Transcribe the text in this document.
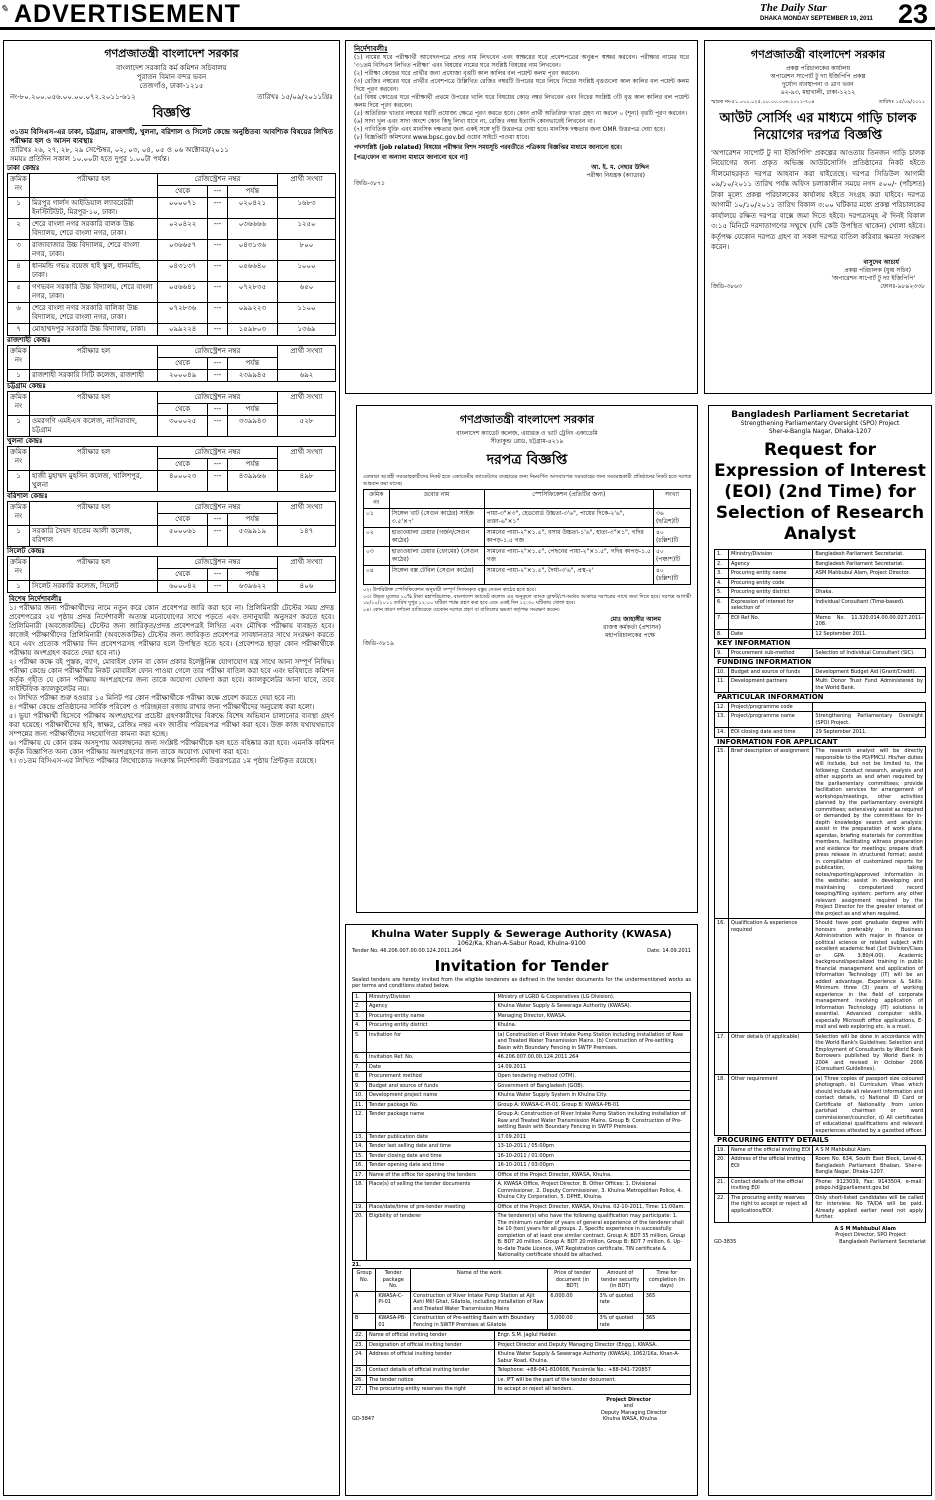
✎ ADVERTISEMENT	The Daily Star
DHAKA MONDAY SEPTEMBER 19, 2011 23
গণপ্রজাতন্ত্রী বাংলাদেশ সরকার
বাংলাদেশ সরকারি কর্ম কমিশন সচিবালয়
পুরাতন বিমান বন্দর ভবন
তেজগাঁও, ঢাকা-১২১৫
নং-৮০.২০০.০৫৬.০০.০০.০৭২.২০১১-৬১২	তারিখঃ ১৫/০৯/২০১১খ্রিঃ
বিজ্ঞপ্তি
৩১তম বিসিএস-এর ঢাকা, চট্টগ্রাম, রাজশাহী, খুলনা, বরিশাল ও সিলেট কেন্দ্রে অনুষ্ঠিতব্য আবশ্যিক বিষয়ের লিখিত পরীক্ষার হল ও আসন ব্যবস্থাঃ
তারিখঃ ২৬, ২৭, ২৮, ২৯ সেপ্টেম্বর, ০২, ০৩, ০৪, ০৫ ও ০৬ অক্টোবর/২০১১
সময়ঃ প্রতিদিন সকাল ১০.০০টা হতে দুপুর ১.০০টা পর্যন্ত।
ঢাকা কেন্দ্রঃ
ক্রমিক নং	পরীক্ষার হল	রেজিস্ট্রেশন নম্বর			প্রার্থী সংখ্যা
		থেকে	---	পর্যন্ত	
১	মিরপুর গার্লস আইডিয়াল ল্যাবরেটরী ইনস্টিটিউট, মিরপুর-১০, ঢাকা।	০০০০৭১	---	০২০৪২১	১৬৮৩
২	শেরে বাংলা নগর সরকারি বালক উচ্চ বিদ্যালয়, শেরে বাংলা নগর, ঢাকা।	০২০৪২২	---	০৩৬৬৬৬	১২৫০
৩	রাজাবাজার উচ্চ বিদ্যালয়, শেরে বাংলা নগর, ঢাকা।	০৩৬৬৫৭	---	০৪৩১৩৬	৮০০
৪	ধানমন্ডি গভঃ বয়েজ হাই স্কুল, ধানমন্ডি, ঢাকা।	০৪৩১৩৭	---	০৫৬৬৪০	১০০০
৫	গণভবন সরকারি উচ্চ বিদ্যালয়, শেরে বাংলা নগর, ঢাকা।	০৫৬৬৪১	---	০৭২৮৩৫	৬৫০
৬	শেরে বাংলা নগর সরকারি বালিকা উচ্চ বিদ্যালয়, শেরে বাংলা নগর, ঢাকা।	০৭২৮৩৬	---	০৯৯২২৩	১১০০
৭	মোহাম্মদপুর সরকারি উচ্চ বিদ্যালয়, ঢাকা।	০৯৯২২৪	---	১৫৯৮০৩	১৩৬৯
রাজশাহী কেন্দ্রঃ
ক্রমিক নং	পরীক্ষার হল	রেজিস্ট্রেশন নম্বর			প্রার্থী সংখ্যা
		থেকে	---	পর্যন্ত	
১	রাজশাহী সরকারি সিটি কলেজ, রাজশাহী	২০০০৪৯	---	২৩৯৯৪৫	৬৯২
চট্টগ্রাম কেন্দ্রঃ
ক্রমিক নং	পরীক্ষার হল	রেজিস্ট্রেশন নম্বর			প্রার্থী সংখ্যা
		থেকে	---	পর্যন্ত	
১	ওমরগণি এমইএস কলেজ, নাসিরাবাদ, চট্টগ্রাম	৩০০০২৫	---	৩৩৯৯৪৩	৫২৮
খুলনা কেন্দ্রঃ
ক্রমিক নং	পরীক্ষার হল	রেজিস্ট্রেশন নম্বর			প্রার্থী সংখ্যা
		থেকে	---	পর্যন্ত	
১	হাজী মুহাম্মদ মুহসিন কলেজ, খালিশপুর, খুলনা	৪০০০২৩	---	৪৩৯৯৬৬	৪৯৮
বরিশাল কেন্দ্রঃ
ক্রমিক নং	পরীক্ষার হল	রেজিস্ট্রেশন নম্বর			প্রার্থী সংখ্যা
		থেকে	---	পর্যন্ত	
১	সরকারি সৈয়দ হাতেম আলী কলেজ, বরিশাল	৫০০০৬১	---	৫৩৯৯১৯	১৪৭
সিলেট কেন্দ্রঃ
ক্রমিক নং	পরীক্ষার হল	রেজিস্ট্রেশন নম্বর			প্রার্থী সংখ্যা
		থেকে	---	পর্যন্ত	
১	সিলেট সরকারি কলেজ, সিলেট	৬০০০৪২	---	৬৩৯৬২২	৪০৬
বিশেষ নির্দেশাবলীঃ
১। পরীক্ষার জন্য পরীক্ষার্থীদের নামে নতুন করে কোন প্রবেশপত্র জারি করা হবে না। প্রিলিমিনারী টেস্টের সময় প্রদত্ত প্রবেশপত্রের ২য় পৃষ্ঠায় প্রদত্ত নির্দেশাবলী অত্যন্ত মনোযোগের সাথে পড়তে এবং তদানুযায়ী অনুসরণ করতে হবে। প্রিলিমিনারী (অবজেকটিভ) টেস্টের জন্য জারিকৃত/প্রদত্ত প্রবেশপত্রই লিখিত এবং মৌখিক পরীক্ষায় ব্যবহৃত হবে। কাজেই পরীক্ষার্থীদের প্রিলিমিনারী (অবজেকটিভ) টেস্টের জন্য জারিকৃত প্রবেশপত্র সাবধানতার সাথে সংরক্ষণ করতে হবে এবং প্রত্যেক পরীক্ষার দিন প্রবেশপত্রসহ পরীক্ষার হলে উপস্থিত হতে হবে। (প্রবেশপত্র ছাড়া কোন পরীক্ষার্থীকে পরীক্ষায় অংশগ্রহণ করতে দেয়া হবে না।)
২। পরীক্ষা কক্ষে বই পুস্তক, ব্যাগ, মোবাইল ফোন বা কোন প্রকার ইলেক্ট্রনিক্স যোগাযোগ যন্ত্র সাথে আনা সম্পূর্ণ নিষিদ্ধ। পরীক্ষা কেন্দ্রে কোন পরীক্ষার্থীর নিকট মোবাইল ফোন পাওয়া গেলে তার পরীক্ষা বাতিল করা হবে এবং ভবিষ্যতে কমিশন কর্তৃক গৃহীত যে কোন পরীক্ষায় অংশগ্রহণের জন্য তাকে অযোগ্য ঘোষণা করা হবে। ক্যালকুলেটর আনা যাবে, তবে সাইন্টিফিক ক্যালকুলেটর নয়।
৩। লিখিত পরীক্ষা শুরু হওয়ার ১৫ মিনিট পর কোন পরীক্ষার্থীকে পরীক্ষা কক্ষে প্রবেশ করতে দেয়া হবে না।
৪। পরীক্ষা কেন্দ্রে প্রতিষ্ঠানের সার্বিক পরিবেশ ও পরিচ্ছন্নতা বজায় রাখার জন্য পরীক্ষার্থীদের অনুরোধ করা হলো।
৫। ভুয়া পরীক্ষার্থী হিসেবে পরীক্ষায় অংশগ্রহণের প্রচেষ্টা গ্রহণকারীদের বিরুদ্ধে বিশেষ অভিযান চালানোর ব্যবস্থা গ্রহণ করা হয়েছে। পরীক্ষার্থীদের ছবি, স্বাক্ষর, রেজিঃ নম্বর এবং জাতীয় পরিচয়পত্র পরীক্ষা করা হবে। উক্ত কাজ যথাযথভাবে সম্পন্নের জন্য পরীক্ষার্থীদের সহযোগিতা কামনা করা হচ্ছে।
৬। পরীক্ষায় যে কোন রকম অসদুপায় অবলম্বনের জন্য সংশ্লিষ্ট পরীক্ষার্থীকে হল হতে বহিষ্কার করা হবে। এমনকি কমিশন কর্তৃক বিজ্ঞাপিত অন্য কোন পরীক্ষায় অংশগ্রহণের জন্য তাকে অযোগ্য ঘোষণা করা হবে।
৭। ৩১তম বিসিএস-এর লিখিত পরীক্ষার লিখোকোড সংক্রান্ত নির্দেশাবলী উত্তরপত্রের ১ম পৃষ্ঠায় প্রিন্টকৃত রয়েছে।
নির্দেশাবলীঃ
(১) নামের ঘরে পরীক্ষার্থী আবেদনপত্রে প্রদত্ত নাম লিখবেন এবং স্বাক্ষরের ঘরে প্রবেশপত্রের অনুরূপ স্বাক্ষর করবেন। পরীক্ষার নামের ঘরে '৩১তম বিসিএস লিখিত পরীক্ষা' এবং বিষয়ের নামের ঘরে সংশ্লিষ্ট বিষয়ের নাম লিখবেন।
(২) পরীক্ষা কেন্দ্রের ঘরে প্রার্থীর জন্য প্রযোজ্য বৃত্তটি কাল কালির বল পয়েন্ট কলম পূরণ করবেন।
(৩) রেজিঃ নম্বরের ঘরে প্রার্থীর প্রবেশপত্রে উল্লিখিত রেজিঃ নম্বরটি উপরের ঘরে লিখে নিচের সংশ্লিষ্ট বৃত্তগুলো কাল কালির বল পয়েন্ট কলম দিয়ে পূরণ করবেন।
(৪) বিষয় কোডের ঘরে পরীক্ষার্থী প্রথমে উপরের খালি ঘরে বিষয়ের কোড নম্বর লিখবেন এবং নিচের সংশ্লিষ্ট ৩টি বৃত্ত কাল কালির বল পয়েন্ট কলম দিয়ে পূরণ করবেন।
(৫) অতিরিক্ত খাতার নম্বরের ঘরটি প্রযোজ্য ক্ষেত্রে পূরণ করতে হবে। কোন প্রার্থী অতিরিক্ত খাতা গ্রহণ না করলে ০ (শূন্য) বৃত্তটি পূরণ করবেন।
(৬) সাদা খুল এবং সাদা অংশে কোন কিছু লিখা যাবে না, রেজিঃ নম্বর ইত্যাদি কোনভাবেই লিখবেন না।
(৭) গাণিতিক যুক্তি এবং মানসিক দক্ষতার জন্য একই সঙ্গে দুটি উত্তরপত্র দেয়া হবে। মানসিক দক্ষতার জন্য OMR উত্তরপত্র দেয়া হবে।
(৮) বিজ্ঞপ্তিটি কমিশনের www.bpsc.gov.bd ওয়েব সাইটে পাওয়া যাবে।
পদসংশ্লিষ্ট (job related) বিষয়ের পরীক্ষার বিশদ সময়সূচি পরবর্তীতে পত্রিকায় বিজ্ঞপ্তির মাধ্যমে জানানো হবে।
[পত্র/ফোন বা অন্যান্য মাধ্যমে জানানো হবে না]
আ. ই. ম. নেছার উদ্দিন
পরীক্ষা নিয়ন্ত্রক (ক্যাডার)
জিডি-৩৮৭১
গণপ্রজাতন্ত্রী বাংলাদেশ সরকার
প্রকল্প পরিচালকের কার্যালয়
অপারেশন সাপোর্ট টু দ্যা ইজিপিপি প্রকল্প
দুর্যোগ ব্যবস্থাপনা ও ত্রাণ ভবন
৯২-৯৩, মহাখালী, ঢাকা-১২১২
স্মারক নং-৫১.০০০.০২৫.০০.০০.০০৬.২০১১-৭০৪	তারিখঃ ১৫/০৯/২০১১
আউট সোর্সিং এর মাধ্যমে গাড়ি চালক নিয়োগের দরপত্র বিজ্ঞপ্তি
'অপারেশন সাপোর্ট টু দ্যা ইজিপিপি' প্রকল্পের আওতায় তিনজন গাড়ি চালক নিয়োগের জন্য প্রকৃত অভিজ্ঞ আউটসোর্সিং প্রতিষ্ঠানের নিকট হইতে সীলমোহরকৃত দরপত্র আহবান করা যাইতেছে। দরপত্র সিডিউল আগামী ০৯/১০/২০১১ তারিখ পর্যন্ত অফিস চলাকালীন সময়ে নগদ ৫০০/- (পাঁচশত) টাকা মূল্যে প্রকল্প পরিচালকের কার্যালয় হইতে সংগ্রহ করা যাইবে। দরপত্র আগামী ১০/১০/২০১১ তারিখ বিকাল ৩:০০ ঘটিকার মধ্যে প্রকল্প পরিচালকের কার্যালয়ে রক্ষিত দরপত্র বাক্সে জমা দিতে হইবে। দরপত্রসমূহ ঐ দিনই বিকাল ৩:১৫ মিনিটে দরদাতাগণের সম্মুখে (যদি কেউ উপস্থিত থাকেন) খোলা হইবে। কর্তৃপক্ষ যেকোন দরপত্র গ্রহণ বা সকল দরপত্র বাতিল করিবার ক্ষমতা সংরক্ষণ করেন।
বাসুদেব আচার্য
প্রকল্প পরিচালক (যুগ্ম সচিব)
'অপারেশন সাপোর্ট টু দ্যা ইজিপিপি'
জিডি-৩৮৬৩	ফোনঃ-৯৮৯২৩৩৮
গণপ্রজাতন্ত্রী বাংলাদেশ সরকার
বাংলাদেশ ক্যাডেট কলেজ, এয়ারক্র ও ভাট ট্রেনিং একাডেমি
সীতাকুন্ড রোড, চট্টগ্রাম-৪২১৯
দরপত্র বিজ্ঞপ্তি
এতদ্বারা আগ্রহী সরবরাহকারীদের নিকট হতে একাডেমীর ক্যাডেটদের ব্যবহারের জন্য নিম্নবর্ণিত আসবাবপত্র সরবরাহের জন্য সরবরাহকারী প্রতিষ্ঠানের নিকট হতে দরপত্র আহবান করা যাচ্ছে।
ক্রমিক নং	দ্রব্যের নাম	স্পেসিফিকেশন (প্রতিটির জন্য)	সংখ্যা
০১	সিঙ্গেল খাট (সেগুন কাঠের) সাইজ ৩.৫'×৭'	পায়া-৩"×৩", হেডবোর্ড উচ্চতা-৩'৬", পায়ের দিকে-২'৬", তক্তা-৬"×১"	৩৬ (ছত্রিশ)টি
০২	হাতাওয়ালা চেয়ার (গর্জন/সেগুন কাঠের)	সামনের পায়া-২"×১.৫", বসার উচ্চতা-১'৬", হাতা-৩"×১", গদির কাপড়-১.৫ গজ	৪০ (চল্লিশ)টি
০৩	হাতাওয়ালা চেয়ার (ফোমের) (সেগুন কাঠের)	সামনের পায়া-২"×১.৫", পেছনের পায়া-২"×১.৫", গদির কাপড়-১.৫ গজ	৫০ (পঞ্চাশ)টি
০৪	সিঙ্গেল বক্স টেবিল (সেগুন কাঠের)	সামনের পায়া-২"×১.৫", দৈর্ঘ্য-৩'৬", প্রস্থ-২'	৪০ (চল্লিশ)টি
০২। উপরিউক্ত স্পেসিফিকেশন অনুযায়ী সম্পূর্ণ সিজনকৃত বস্তুর সেগুন কাঠের হতে হবে।
০৩। উদ্ধৃত মূল্যের ১০% টাকা মহাপরিচালক, বাংলাদেশ ক্যাডেট কলেজ এর অনুকূলে ব্যাংক ড্রাফট/পে-অর্ডার আকারে দরপত্রের সাথে জমা দিতে হবে। দরপত্র আগামী ১৮/১০/২০১১ তারিখ দুপুর ১২:০০ ঘটিকা পর্যন্ত গ্রহণ করা হবে এবং একই দিন ১২:৩০ ঘটিকায় খোলা হবে।
০৪। কোন কারণ দর্শানো ব্যতিরেকে যেকোন দরপত্র গ্রহণ বা বাতিলের ক্ষমতা কর্তৃপক্ষ সংরক্ষণ করেন।
মোঃ জাহাঙ্গীর আলম
রাজস্ব কর্মকর্তা (প্রশাসন)
মহাপরিচালকের পক্ষে
জিডি-৩৮১৯
Khulna Water Supply & Sewerage Authority (KWASA)
1062/Ka, Khan-A-Sabur Road, Khulna-9100
Tender No. 46.206.007.00.00.124.2011.264	Date: 14.09.2011
Invitation for Tender
Sealed tenders are hereby invited from the eligible tenderers as defined in the tender documents for the undermentioned works as per terms and conditions stated below.
1.	Ministry/Division	Ministry of LGRD & Cooperatives (LG Division).
2.	Agency	Khulna Water Supply & Sewerage Authority (KWASA).
3.	Procuring entity name	Managing Director, KWASA.
4.	Procuring entity district	Khulna.
5.	Invitation for	(a) Construction of River Intake Pump Station including installation of Raw and Treated Water Transmission Mains. (b) Construction of Pre-settling Basin with Boundary Fencing in SWTP Premises.
6.	Invitation Ref. No.	46.206.007.00.00.124.2011.264
7.	Date	14.09.2011
8.	Procurement method	Open tendering method (OTM).
9.	Budget and source of funds	Government of Bangladesh (GOB).
10.	Development project name	Khulna Water Supply System in Khulna City.
11.	Tender package No.	Group A: KWASA-C-PI-01, Group B: KWASA-PB-01
12.	Tender package name	Group A: Construction of River Intake Pump Station including installation of Raw and Treated Water Transmission Mains. Group B: Construction of Pre-settling Basin with Boundary Fencing in SWTP Premises.
13.	Tender publication date	17.09.2011
14.	Tender last selling date and time	13-10-2011 / 05:00pm
15.	Tender closing date and time	16-10-2011 / 01:00pm
16.	Tender opening date and time	16-10-2011 / 03:00pm
17.	Name of the office for opening the tenders	Office of the Project Director, KWASA, Khulna.
18.	Place(s) of selling the tender documents	A. KWASA Office, Project Director. B. Other Offices: 1. Divisional Commissioner, 2. Deputy Commissioner, 3. Khulna Metropolitan Police, 4. Khulna City Corporation, 5. DPHE, Khulna.
19.	Place/date/time of pre-tender meeting	Office of the Project Director, KWASA, Khulna. 02-10-2011, Time: 11:00am.
20.	Eligibility of tenderer	The tenderer(s) who have the following qualification may participate: 1. The minimum number of years of general experience of the tenderer shall be 10 (ten) years for all groups. 2. Specific experience in successfully completion of at least one similar contract. Group A: BDT 35 million, Group B: BDT 20 million. Group A: BDT 20 million, Group B: BDT 7 million. 6. Up-to-date Trade Licence, VAT Registration certificate, TIN certificate & Nationality certificate should be attached.
21.
Group No.	Tender package No.	Name of the work	Price of tender document (in BDT)	Amount of tender security (in BDT)	Time for completion (in days)
A	KWASA-C-PI-01	Construction of River Intake Pump Station at Ajit Ashi Mill Ghat, Gilatola, including installation of Raw and Treated Water Transmission Mains	6,000.00	3% of quoted rate	365
B	KWASA-PB-01	Construction of Pre-settling Basin with Boundary Fencing in SWTP Premises at Gilatola	5,000.00	3% of quoted rate	365
22.	Name of official inviting tender	Engr. S.M. Jaglul Haider.
23.	Designation of official inviting tender	Project Director and Deputy Managing Director (Engg.), KWASA.
24.	Address of official inviting tender	Khulna Water Supply & Sewerage Authority (KWASA), 1062/1Ka, Khan-A-Sabur Road, Khulna.
25.	Contact details of official inviting tender	Telephone: +88-041-810608, Facsimile No.: +88-041-720857
26.	The tender notice	i.e. IFT will be the part of the tender document.
27.	The procuring entity reserves the right	to accept or reject all tenders.
Project Director
and
Deputy Managing Director
GD-3847	Khulna WASA, Khulna
Bangladesh Parliament Secretariat
Strengthening Parliamentary Oversight (SPO) Project
Sher-e-Bangla Nagar, Dhaka-1207
Request for Expression of Interest (EOI) (2nd Time) for Selection of Research Analyst
1.	Ministry/Division	Bangladesh Parliament Secretariat.
2.	Agency	Bangladesh Parliament Secretariat.
3.	Procuring entity name	ASM Mahbubul Alam, Project Director.
4.	Procuring entity code	
5.	Procuring entity district	Dhaka.
6.	Expression of interest for selection of	Individual Consultant (Time-based).
7.	EOI Ref No.	Memo No. 11.320.014.00.00.027.2011-208.
8.	Date	12 September 2011.
KEY INFORMATION
9.	Procurement sub-method	Selection of Individual Consultant (SIC).
FUNDING INFORMATION
10.	Budget and source of funds	Development Budget Aid (Grant/Credit).
11.	Development partners	Multi Donor Trust Fund Administered by the World Bank.
PARTICULAR INFORMATION
12.	Project/programme code	
13.	Project/programme name	Strengthening Parliamentary Oversight (SPO) Project.
14.	EOI closing date and time	29 September 2011.
INFORMATION FOR APPLICANT
15.	Brief description of assignment	The research analyst will be directly responsible to the PD/PMCU. His/her duties will include, but not be limited to, the following: Conduct research, analysis and other supports as and when required by the parliamentary committees; provide facilitation services for arrangement of workshops/meetings, other activities planned by the parliamentary oversight committees; extensively assist as required or demanded by the committees for in-depth knowledge search and analysis; assist in the preparation of work plans, agendas, briefing materials for committee members, facilitating witness preparation and evidence for meetings; prepare draft press release in structured format; assist in compilation of customized reports for publication, taking notes/reporting/approved information in the website; assist in developing and maintaining computerized record keeping/filing system; perform any other relevant assignment required by the Project Director for the greater interest of the project as and when required.
16.	Qualification & experience required	Should have post graduate degree with honours preferably in Business Administration with major in finance or political science or related subject with excellent academic feat (1st Division/Class or GPA 3.80/4.00). Academic background/specialized training in public financial management and application of Information Technology (IT) will be an added advantage. Experience & Skills: Minimum three (3) years of working experience in the field of corporate management involving application of Information Technology (IT) solutions is essential. Advanced computer skills, especially Microsoft office applications, E-mail and web exploring etc. is a must.
17.	Other details (if applicable)	Selection will be done in accordance with the World Bank's Guidelines: Selection and Employment of Consultants by World Bank Borrowers published by World Bank in 2004 and revised in October 2006 (Consultant Guidelines).
18.	Other requirement	(a) Three copies of passport size coloured photograph, b) Curriculum Vitae which should include all relevant information and contact details, c) National ID Card or Certificate of Nationality from union parishad chairman or ward commissioner/councilor, d) All certificates of educational qualifications and relevant experiences attested by a gazetted officer.
PROCURING ENTITY DETAILS
19.	Name of the official inviting EOI	A S M Mahbubul Alam.
20.	Address of the official inviting EOI	Room No. 634, South East Block, Level-6, Bangladesh Parliament Bhaban, Sher-e-Bangla Nagar, Dhaka-1207.
21.	Contact details of the official inviting EOI	Phone: 9123039, Fax: 9143504, e-mail: pdspo.hd@parliament.gov.bd
22.	The procuring entity reserves the right to accept or reject all applications/EOI.	Only short-listed candidates will be called for interview. No TA/DA will be paid. Already applied earlier need not apply further.
A S M Mahbubul Alam
Project Director, SPO Project
GD-3835	Bangladesh Parliament Secretariat
